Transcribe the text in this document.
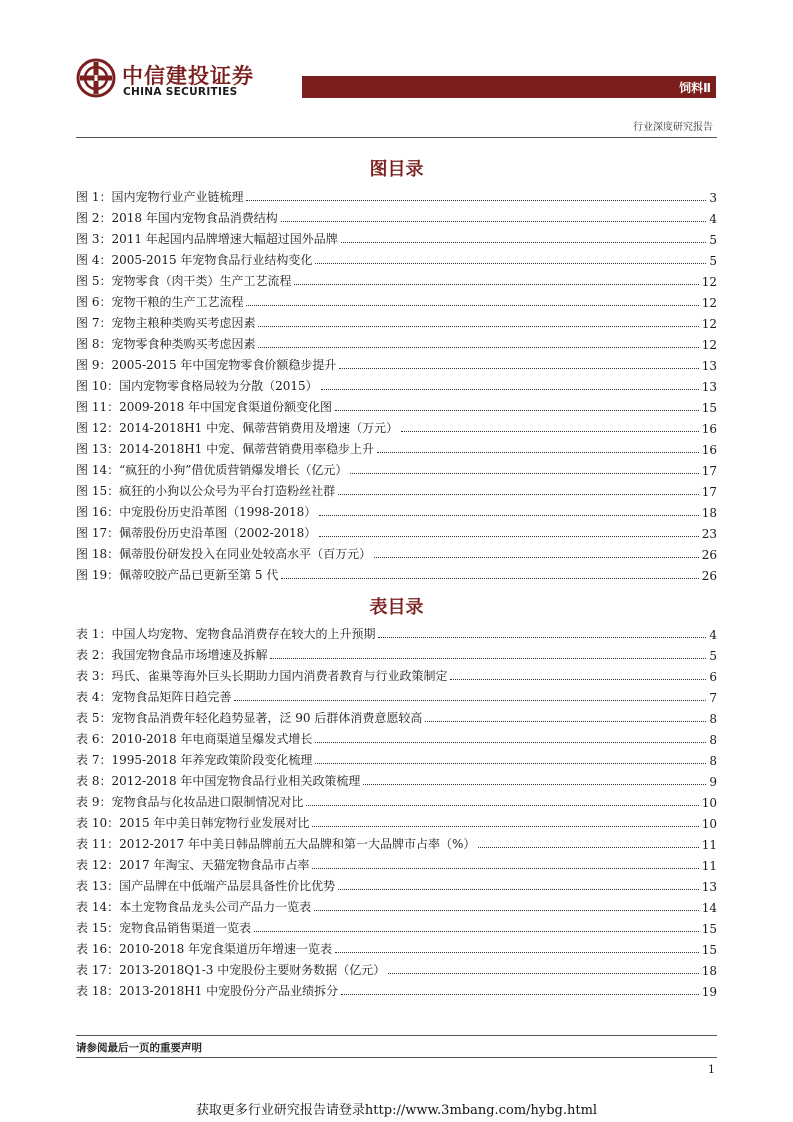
中信建投证券
CHINA SECURITIES	饲料Ⅱ
行业深度研究报告
图目录
图 1：国内宠物行业产业链梳理	3
图 2：2018 年国内宠物食品消费结构	4
图 3：2011 年起国内品牌增速大幅超过国外品牌	5
图 4：2005-2015 年宠物食品行业结构变化	5
图 5：宠物零食（肉干类）生产工艺流程	12
图 6：宠物干粮的生产工艺流程	12
图 7：宠物主粮种类购买考虑因素	12
图 8：宠物零食种类购买考虑因素	12
图 9：2005-2015 年中国宠物零食价额稳步提升	13
图 10：国内宠物零食格局较为分散（2015）	13
图 11：2009-2018 年中国宠食渠道份额变化图	15
图 12：2014-2018H1 中宠、佩蒂营销费用及增速（万元）	16
图 13：2014-2018H1 中宠、佩蒂营销费用率稳步上升	16
图 14：“疯狂的小狗”借优质营销爆发增长（亿元）	17
图 15：疯狂的小狗以公众号为平台打造粉丝社群	17
图 16：中宠股份历史沿革图（1998-2018）	18
图 17：佩蒂股份历史沿革图（2002-2018）	23
图 18：佩蒂股份研发投入在同业处较高水平（百万元）	26
图 19：佩蒂咬胶产品已更新至第 5 代	26
表目录
表 1：中国人均宠物、宠物食品消费存在较大的上升预期	4
表 2：我国宠物食品市场增速及拆解	5
表 3：玛氏、雀巢等海外巨头长期助力国内消费者教育与行业政策制定	6
表 4：宠物食品矩阵日趋完善	7
表 5：宠物食品消费年轻化趋势显著，泛 90 后群体消费意愿较高	8
表 6：2010-2018 年电商渠道呈爆发式增长	8
表 7：1995-2018 年养宠政策阶段变化梳理	8
表 8：2012-2018 年中国宠物食品行业相关政策梳理	9
表 9：宠物食品与化妆品进口限制情况对比	10
表 10：2015 年中美日韩宠物行业发展对比	10
表 11：2012-2017 年中美日韩品牌前五大品牌和第一大品牌市占率（%）	11
表 12：2017 年淘宝、天猫宠物食品市占率	11
表 13：国产品牌在中低端产品层具备性价比优势	13
表 14：本土宠物食品龙头公司产品力一览表	14
表 15：宠物食品销售渠道一览表	15
表 16：2010-2018 年宠食渠道历年增速一览表	15
表 17：2013-2018Q1-3 中宠股份主要财务数据（亿元）	18
表 18：2013-2018H1 中宠股份分产品业绩拆分	19
请参阅最后一页的重要声明
1
获取更多行业研究报告请登录http://www.3mbang.com/hybg.html
